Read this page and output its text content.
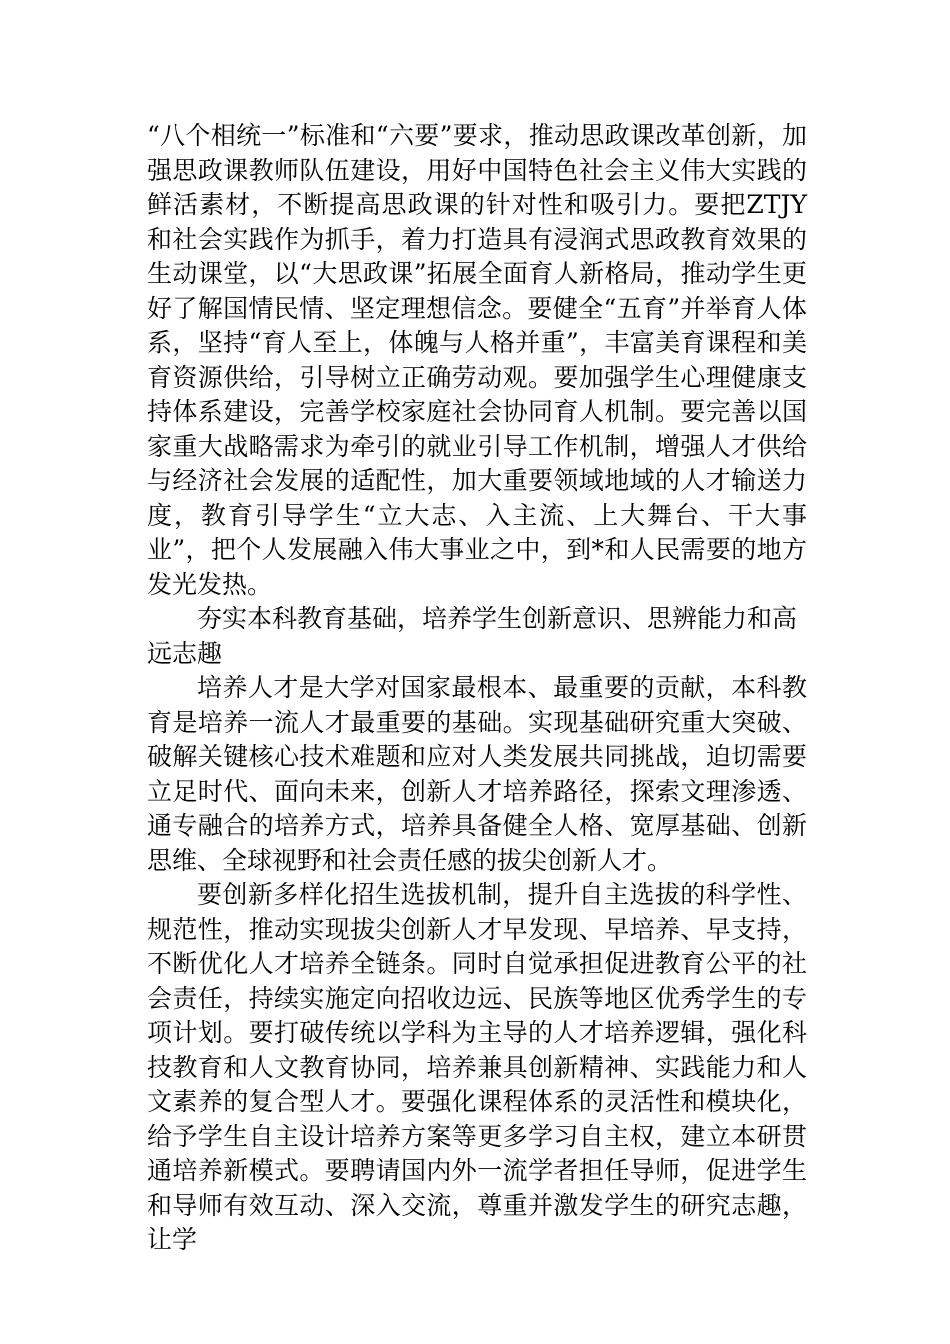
“八个相统一”标准和“六要”要求，推动思政课改革创新，加强思政课教师队伍建设，用好中国特色社会主义伟大实践的鲜活素材，不断提高思政课的针对性和吸引力。要把ZTJY和社会实践作为抓手，着力打造具有浸润式思政教育效果的生动课堂，以“大思政课”拓展全面育人新格局，推动学生更好了解国情民情、坚定理想信念。要健全“五育”并举育人体系，坚持“育人至上，体魄与人格并重”，丰富美育课程和美育资源供给，引导树立正确劳动观。要加强学生心理健康支持体系建设，完善学校家庭社会协同育人机制。要完善以国家重大战略需求为牵引的就业引导工作机制，增强人才供给与经济社会发展的适配性，加大重要领域地域的人才输送力度，教育引导学生“立大志、入主流、上大舞台、干大事业”，把个人发展融入伟大事业之中，到*和人民需要的地方发光发热。

夯实本科教育基础，培养学生创新意识、思辨能力和高远志趣

培养人才是大学对国家最根本、最重要的贡献，本科教育是培养一流人才最重要的基础。实现基础研究重大突破、破解关键核心技术难题和应对人类发展共同挑战，迫切需要立足时代、面向未来，创新人才培养路径，探索文理渗透、通专融合的培养方式，培养具备健全人格、宽厚基础、创新思维、全球视野和社会责任感的拔尖创新人才。

要创新多样化招生选拔机制，提升自主选拔的科学性、规范性，推动实现拔尖创新人才早发现、早培养、早支持，不断优化人才培养全链条。同时自觉承担促进教育公平的社会责任，持续实施定向招收边远、民族等地区优秀学生的专项计划。要打破传统以学科为主导的人才培养逻辑，强化科技教育和人文教育协同，培养兼具创新精神、实践能力和人文素养的复合型人才。要强化课程体系的灵活性和模块化，给予学生自主设计培养方案等更多学习自主权，建立本研贯通培养新模式。要聘请国内外一流学者担任导师，促进学生和导师有效互动、深入交流，尊重并激发学生的研究志趣，让学
